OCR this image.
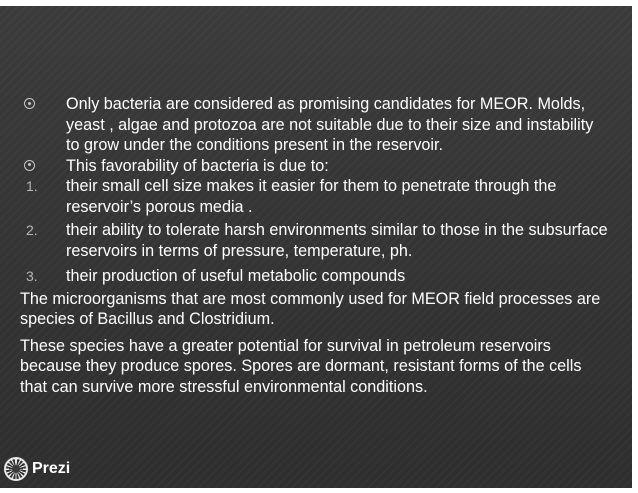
Only bacteria are considered as promising candidates for MEOR. Molds, yeast , algae and protozoa are not suitable due to their size and instability to grow under the conditions present in the reservoir.
This favorability of bacteria is due to:
1. their small cell size makes it easier for them to penetrate through the reservoir’s porous media .
2. their ability to tolerate harsh environments similar to those in the subsurface reservoirs in terms of pressure, temperature, ph.
3. their production of useful metabolic compounds
The microorganisms that are most commonly used for MEOR field processes are species of Bacillus and Clostridium.
These species have a greater potential for survival in petroleum reservoirs because they produce spores. Spores are dormant, resistant forms of the cells that can survive more stressful environmental conditions.
Prezi
